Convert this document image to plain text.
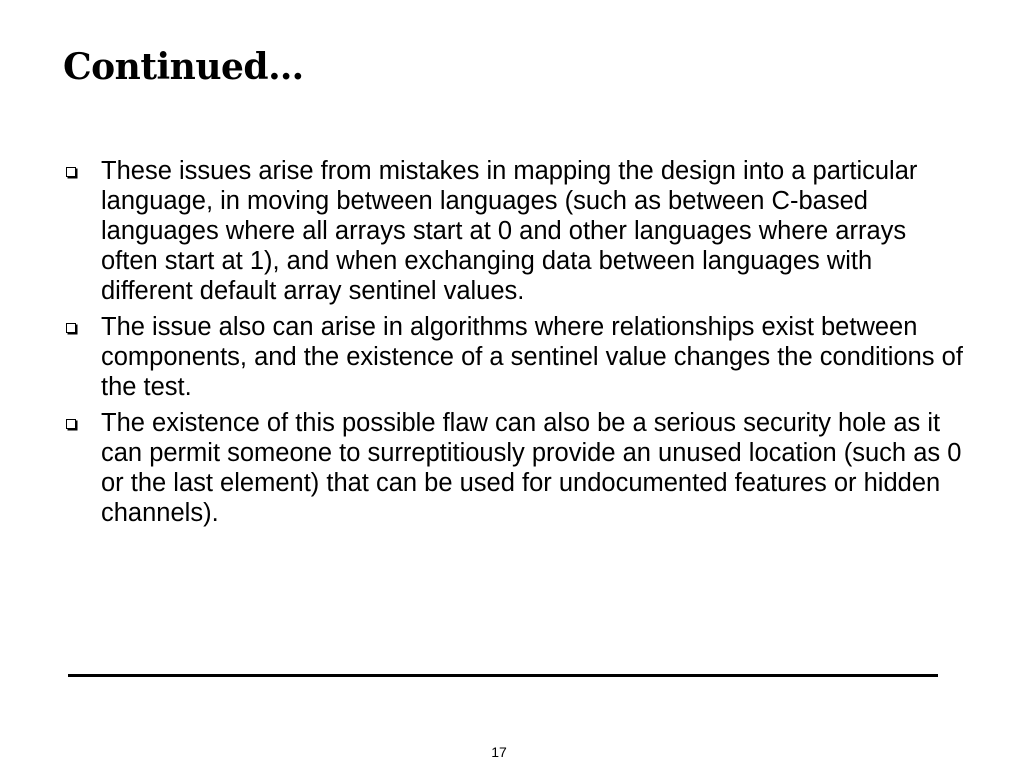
Continued…
These issues arise from mistakes in mapping the design into a particular language, in moving between languages (such as between C-based languages where all arrays start at 0 and other languages where arrays often start at 1), and when exchanging data between languages with different default array sentinel values.
The issue also can arise in algorithms where relationships exist between components, and the existence of a sentinel value changes the conditions of the test.
The existence of this possible flaw can also be a serious security hole as it can permit someone to surreptitiously provide an unused location (such as 0 or the last element) that can be used for undocumented features or hidden channels).
17
